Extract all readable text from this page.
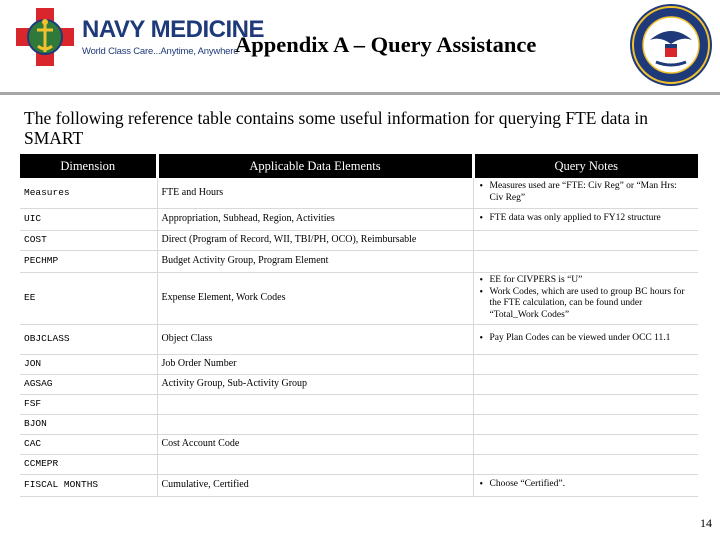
NAVY MEDICINE
World Class Care...Anytime, Anywhere
Appendix A – Query Assistance

The following reference table contains some useful information for querying FTE data in SMART

Dimension	Applicable Data Elements	Query Notes
Measures	FTE and Hours	• Measures used are “FTE: Civ Reg” or “Man Hrs: Civ Reg”

UIC	Appropriation, Subhead, Region, Activities	• FTE data was only applied to FY12 structure

COST	Direct (Program of Record, WII, TBI/PH, OCO), Reimbursable	
PECHMP	Budget Activity Group, Program Element	
EE	Expense Element, Work Codes	• EE for CIVPERS is “U”
• Work Codes, which are used to group BC hours for the FTE calculation, can be found under “Total_Work Codes”

OBJCLASS	Object Class	• Pay Plan Codes can be viewed under OCC 11.1

JON	Job Order Number	
AGSAG	Activity Group, Sub-Activity Group	
FSF		
BJON		
CAC	Cost Account Code	
CCMEPR		
FISCAL MONTHS	Cumulative, Certified	• Choose “Certified”.
14
